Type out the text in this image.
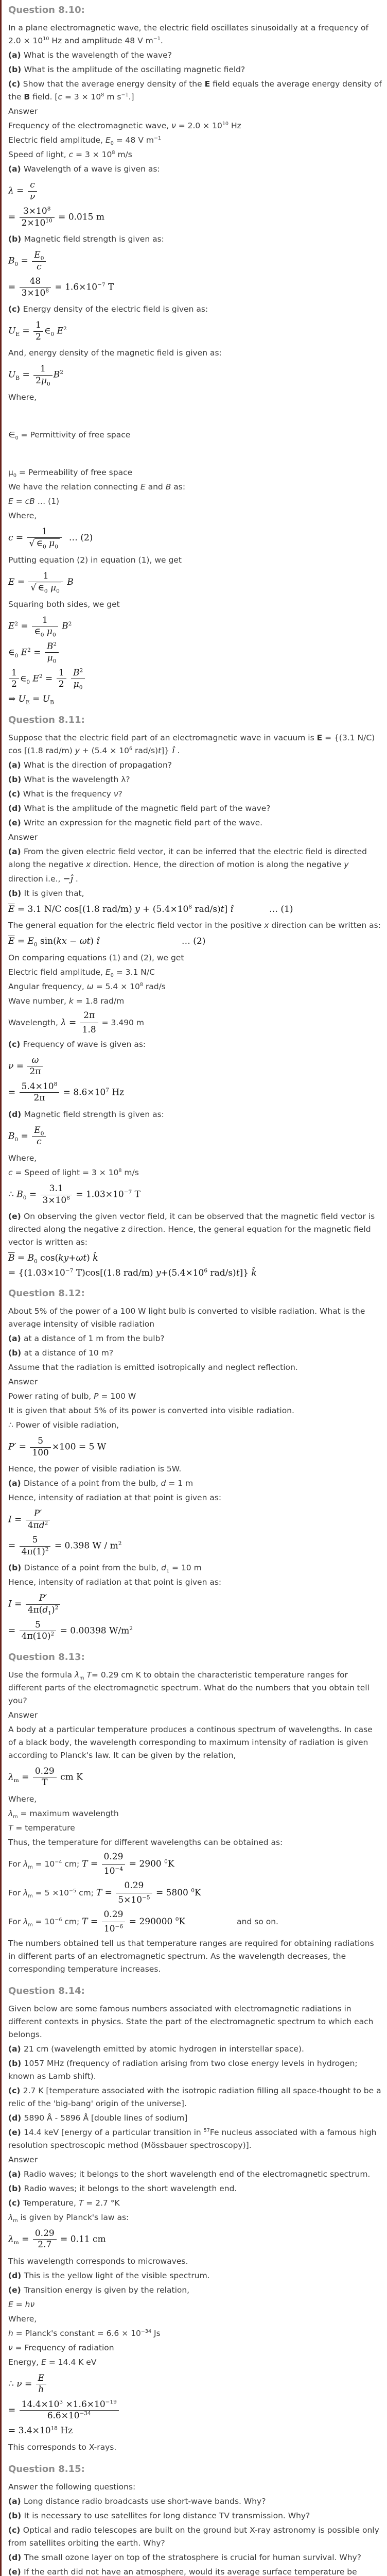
Question 8.10:
In a plane electromagnetic wave, the electric field oscillates sinusoidally at a frequency of $2.0 \times 10^{10}$ Hz and amplitude 48 V $m^{-1}$.
(a) What is the wavelength of the wave?
(b) What is the amplitude of the oscillating magnetic field?
(c) Show that the average energy density of the E field equals the average energy density of the B field. [$c = 3 \times 10^8$ m $s^{-1}$.]
Answer
Frequency of the electromagnetic wave, $\nu = 2.0 \times 10^{10}$ Hz
Electric field amplitude, $E_0 = 48$ V $m^{-1}$
Speed of light, $c = 3 \times 10^8$ m/s
(a) Wavelength of a wave is given as:
$\lambda = \frac{c}{\nu}$
= $\frac{3\times 10^8}{2\times 10^{10}} = 0.015$ m
(b) Magnetic field strength is given as:
$B_0 = \frac{E_0}{c}$
= $\frac{48}{3\times 10^8} = 1.6\times 10^{-7}$ T
(c) Energy density of the electric field is given as:
$U_E = \frac{1}{2}$ $\in_0$ $E^2$
And, energy density of the magnetic field is given as:
$U_B = \frac{1}{2\mu_0} B^2$
Where,
$\in_0$ = Permittivity of free space
$\mu_0$ = Permeability of free space
We have the relation connecting E and B as:
E = cB … (1)
Where,
$c = \frac{1}{√ \in_0 \mu_0}$ … (2)
Putting equation (2) in equation (1), we get
$E = \frac{1}{√ \in_0 \mu_0}$ B
Squaring both sides, we get
$E^2 = \frac{1}{\in_0 \mu_0} B^2$
$\in_0$ $E^2 = \frac{B^2}{\mu_0}$
$\frac{1}{2}$ $\in_0$ $E^2 = \frac{1}{2}$
$\frac{B^2}{\mu_0}$
⇒ $U_E = U_B$
Question 8.11:
Suppose that the electric field part of an electromagnetic wave in vacuum is E = {(3.1 N/C) cos [(1.8 rad/m) $y + (5.4 \times 10^6$ rad/s)t]} î .
(a) What is the direction of propagation?
(b) What is the wavelength λ?
(c) What is the frequency ν?
(d) What is the amplitude of the magnetic field part of the wave?
(e) Write an expression for the magnetic field part of the wave.
Answer
(a) From the given electric field vector, it can be inferred that the electric field is directed along the negative x direction. Hence, the direction of motion is along the negative y
direction i.e., −ĵ .
(b) It is given that,
$\overline{E} = 3.1$ N/C cos[(1.8 rad/m) $y + (5.4\times 10^8$ rad/s)t] î	… (1)
The general equation for the electric field vector in the positive x direction can be written as:
$\overline{E} = E_0$ sin(kx − ωt) î	… (2)
On comparing equations (1) and (2), we get
Electric field amplitude, $E_0 = 3.1$ N/C
Angular frequency, $\omega = 5.4 \times 10^8$ rad/s
Wave number, k = 1.8 rad/m
Wavelength, $\lambda = \frac{2\pi}{1.8} = 3.490$ m
(c) Frequency of wave is given as:
$\nu = \frac{\omega}{2\pi}$
= $\frac{5.4\times 10^8}{2\pi} = 8.6\times 10^7$ Hz
(d) Magnetic field strength is given as:
$B_0 = \frac{E_0}{c}$
Where,
c = Speed of light = $3 \times 10^8$ m/s
∴ $B_0 = \frac{3.1}{3\times 10^8} = 1.03\times 10^{-7}$ T
(e) On observing the given vector field, it can be observed that the magnetic field vector is directed along the negative z direction. Hence, the general equation for the magnetic field vector is written as:
$\overline{B} = B_0$ cos(ky+ωt) k̂
= {($1.03\times 10^{-7}$ T)cos[(1.8 rad/m) $y+(5.4\times 10^6$ rad/s)t]} k̂
Question 8.12:
About 5% of the power of a 100 W light bulb is converted to visible radiation. What is the average intensity of visible radiation
(a) at a distance of 1 m from the bulb?
(b) at a distance of 10 m?
Assume that the radiation is emitted isotropically and neglect reflection.
Answer
Power rating of bulb, P = 100 W
It is given that about 5% of its power is converted into visible radiation.
∴ Power of visible radiation,
$P' = \frac{5}{100} \times 100 = 5$ W
Hence, the power of visible radiation is 5W.
(a) Distance of a point from the bulb, d = 1 m
Hence, intensity of radiation at that point is given as:
$I = \frac{P'}{4\pi d^2}$
= $\frac{5}{4\pi(1)^2} = 0.398$ W / $m^2$
(b) Distance of a point from the bulb, $d_1 = 10$ m
Hence, intensity of radiation at that point is given as:
$I = \frac{P'}{4\pi(d_1)^2}$
= $\frac{5}{4\pi(10)^2} = 0.00398$ $W/m^2$
Question 8.13:
Use the formula $\lambda_m$ T= 0.29 cm K to obtain the characteristic temperature ranges for different parts of the electromagnetic spectrum. What do the numbers that you obtain tell you?
Answer
A body at a particular temperature produces a continous spectrum of wavelengths. In case of a black body, the wavelength corresponding to maximum intensity of radiation is given according to Planck's law. It can be given by the relation,
$\lambda_m = \frac{0.29}{T}$ cm K
Where,
$\lambda_m$ = maximum wavelength
T = temperature
Thus, the temperature for different wavelengths can be obtained as:
For $\lambda_m = 10^{-4}$ cm; $T = \frac{0.29}{10^{-4}} = 2900$ $^0$K
For $\lambda_m = 5 \times 10^{-5}$ cm; $T = \frac{0.29}{5\times 10^{-5}} = 5800$ $^0$K
For $\lambda_m = 10^{-6}$ cm; $T = \frac{0.29}{10^{-6}} = 290000$ $^0$K	and so on.
The numbers obtained tell us that temperature ranges are required for obtaining radiations in different parts of an electromagnetic spectrum. As the wavelength decreases, the corresponding temperature increases.
Question 8.14:
Given below are some famous numbers associated with electromagnetic radiations in different contexts in physics. State the part of the electromagnetic spectrum to which each belongs.
(a) 21 cm (wavelength emitted by atomic hydrogen in interstellar space).
(b) 1057 MHz (frequency of radiation arising from two close energy levels in hydrogen; known as Lamb shift).
(c) 2.7 K [temperature associated with the isotropic radiation filling all space-thought to be a relic of the 'big-bang' origin of the universe].
(d) 5890 Å - 5896 Å [double lines of sodium]
(e) 14.4 keV [energy of a particular transition in $^{57}$Fe nucleus associated with a famous high resolution spectroscopic method (Mössbauer spectroscopy)].
Answer
(a) Radio waves; it belongs to the short wavelength end of the electromagnetic spectrum.
(b) Radio waves; it belongs to the short wavelength end.
(c) Temperature, T = 2.7 °K
$\lambda_m$ is given by Planck's law as:
$\lambda_m = \frac{0.29}{2.7} = 0.11$ cm
This wavelength corresponds to microwaves.
(d) This is the yellow light of the visible spectrum.
(e) Transition energy is given by the relation,
E = hν
Where,
h = Planck's constant = $6.6 \times 10^{-34}$ Js
ν = Frequency of radiation
Energy, E = 14.4 K eV
∴ $\nu = \frac{E}{h}$
= $\frac{14.4\times 10^3 \times 1.6\times 10^{-19}}{6.6\times 10^{-34}}$
= $3.4\times 10^{18}$ Hz
This corresponds to X-rays.
Question 8.15:
Answer the following questions:
(a) Long distance radio broadcasts use short-wave bands. Why?
(b) It is necessary to use satellites for long distance TV transmission. Why?
(c) Optical and radio telescopes are built on the ground but X-ray astronomy is possible only from satellites orbiting the earth. Why?
(d) The small ozone layer on top of the stratosphere is crucial for human survival. Why?
(e) If the earth did not have an atmosphere, would its average surface temperature be
